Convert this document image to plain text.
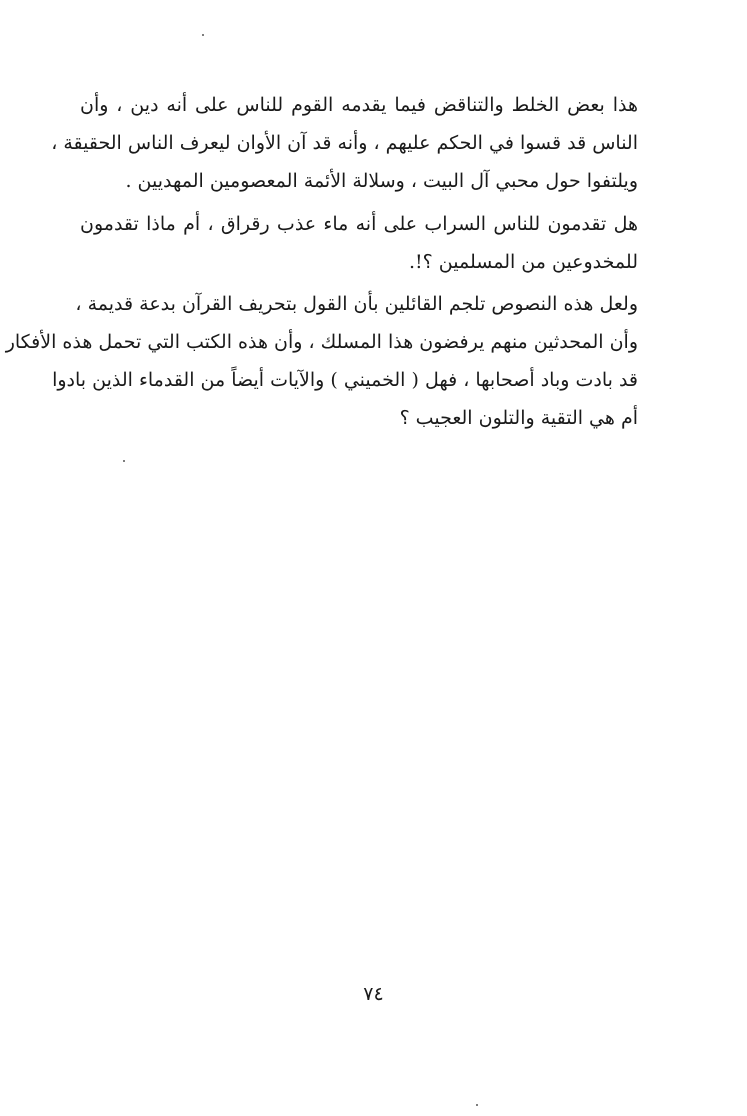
هذا بعض الخلط والتناقض فيما يقدمه القوم للناس على أنه دين ، وأن
الناس قد قسوا في الحكم عليهم ، وأنه قد آن الأوان ليعرف الناس الحقيقة ،
ويلتفوا حول محبي آل البيت ، وسلالة الأئمة المعصومين المهديين .
هل تقدمون للناس السراب على أنه ماء عذب رقراق ، أم ماذا تقدمون
للمخدوعين من المسلمين ؟!.
ولعل هذه النصوص تلجم القائلين بأن القول بتحريف القرآن بدعة قديمة ،
وأن المحدثين منهم يرفضون هذا المسلك ، وأن هذه الكتب التي تحمل هذه الأفكار
قد بادت وباد أصحابها ، فهل ( الخميني ) والآيات أيضاً من القدماء الذين بادوا
أم هي التقية والتلون العجيب ؟
٧٤
